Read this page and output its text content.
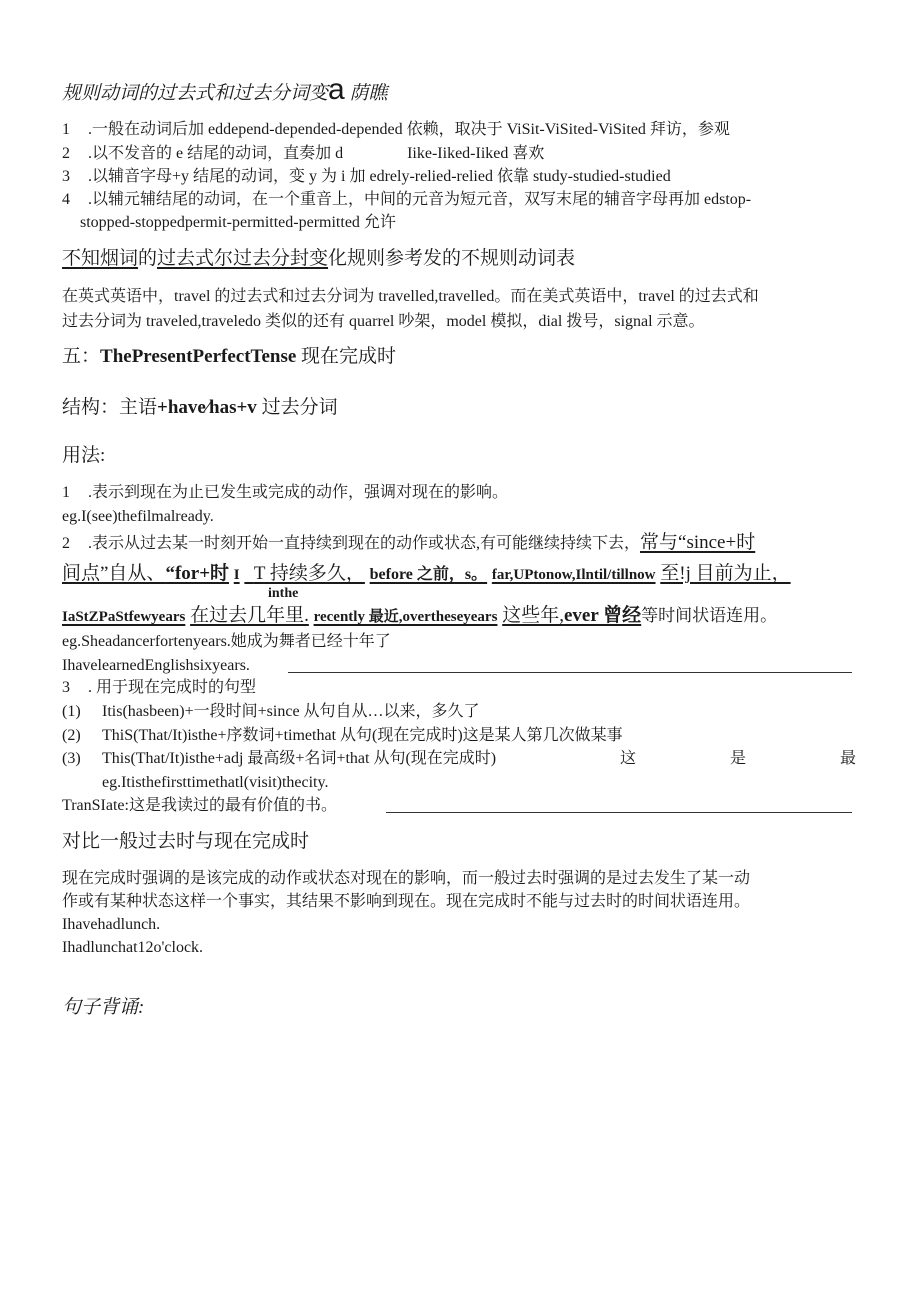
规则动词的过去式和过去分词变a 荫瞧
1 .一般在动词后加 eddepend-depended-depended 依赖，取决于 ViSit-ViSited-ViSited 拜访，参观
2 .以不发音的 e 结尾的动词，直奏加 d                Iike-Iiked-Iiked 喜欢
3 .以辅音字母+y 结尾的动词，变 y 为 i 加 edrely-relied-relied 依靠 study-studied-studied
4 .以辅元辅结尾的动词，在一个重音上，中间的元音为短元音，双写末尾的辅音字母再加 edstop-
stopped-stoppedpermit-permitted-permitted 允许
不知烟词的过去式尔过去分封变化规则参考发的不规则动词表
在英式英语中，travel 的过去式和过去分词为 travelled,travelled。而在美式英语中，travel 的过去式和
过去分词为 traveled,traveledo 类似的还有 quarrel 吵架，model 模拟，dial 拨号，signal 示意。
五：ThePresentPerfectTense 现在完成时
结构：主语+have∕has+v 过去分词
用法:
1 .表示到现在为止已发生或完成的动作，强调对现在的影响。
eg.I(see)thefilmalready.
2 .表示从过去某一时刻开始一直持续到现在的动作或状态,有可能继续持续下去，常与“since+时
间点”自从、“for+时 I T 持续多久， before 之前，s。 far,UPtonow,Ilntil/tillnow 至!j 目前为止，
inthe
IaStZPaStfewyears 在过去几年里. recently 最近,overtheseyears 这些年,ever 曾经等时间状语连用。
eg.Sheadancerfortenyears.她成为舞者已经十年了
IhavelearnedEnglishsixyears.
3 . 用于现在完成时的句型
(1) Itis(hasbeen)+一段时间+since 从句自从…以来，多久了
(2) ThiS(That/It)isthe+序数词+timethat 从句(现在完成时)这是某人第几次做某事
(3) This(That/It)isthe+adj 最高级+名词+that 从句(现在完成时)	这	是	最
eg.Itisthefirsttimethatl(visit)thecity.
TranSIate:这是我读过的最有价值的书。
对比一般过去时与现在完成时
现在完成时强调的是该完成的动作或状态对现在的影响，而一般过去时强调的是过去发生了某一动
作或有某种状态这样一个事实，其结果不影响到现在。现在完成时不能与过去时的时间状语连用。
Ihavehadlunch.
Ihadlunchat12o'clock.
句子背诵:
